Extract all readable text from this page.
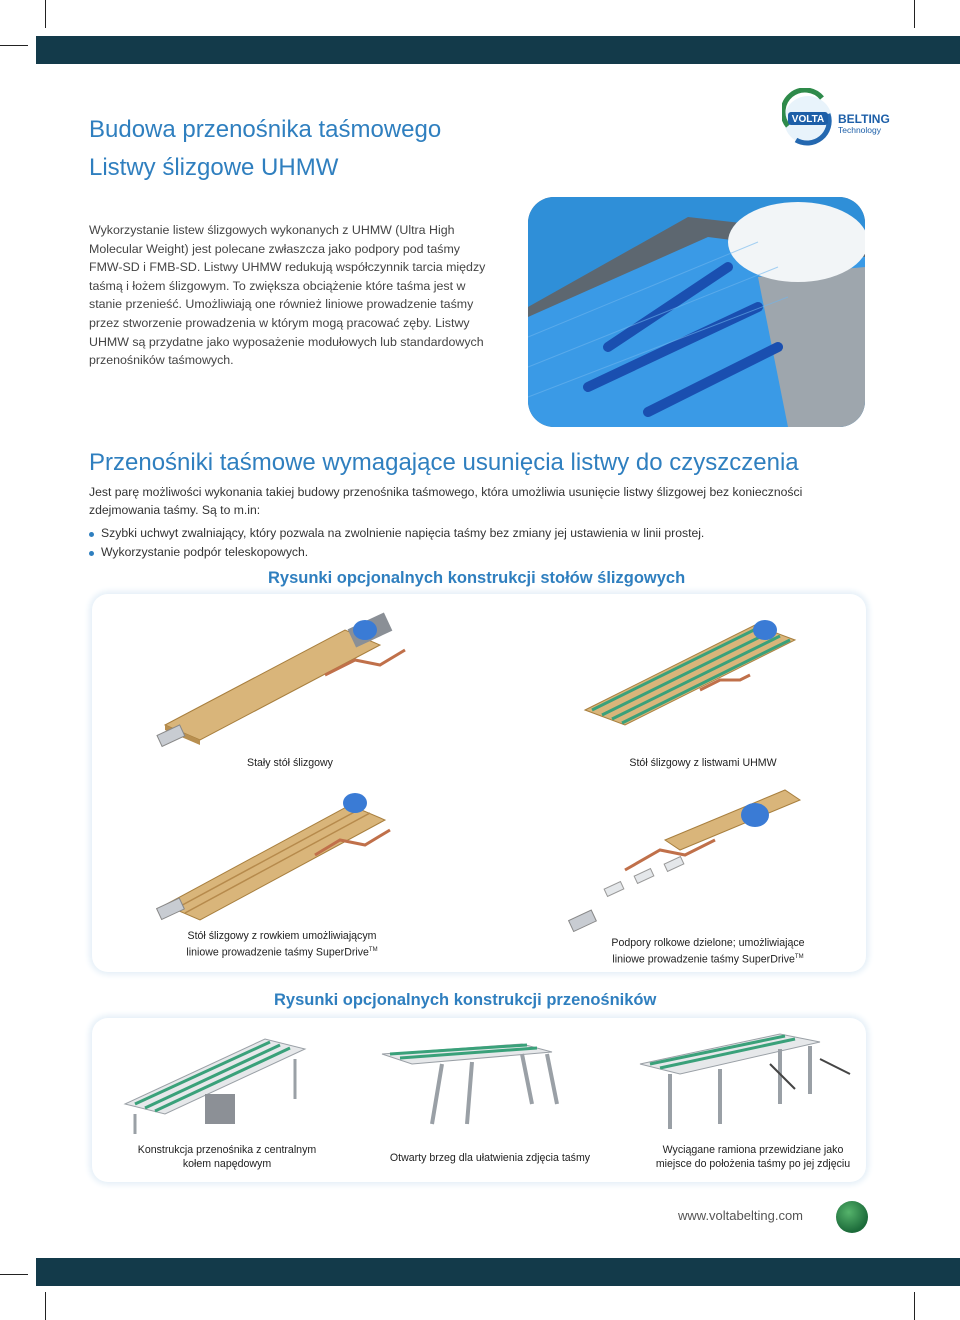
Budowa przenośnika taśmowego
Listwy ślizgowe UHMW
VOLTA BELTING
Technology

Wykorzystanie listew ślizgowych wykonanych z UHMW (Ultra High Molecular Weight) jest polecane zwłaszcza jako podpory pod taśmy FMW-SD i FMB-SD. Listwy UHMW redukują współczynnik tarcia między taśmą i łożem ślizgowym. To zwiększa obciążenie które taśma jest w stanie przenieść. Umożliwiają one również liniowe prowadzenie taśmy przez stworzenie prowadzenia w którym mogą pracować zęby. Listwy UHMW są przydatne jako wyposażenie modułowych lub standardowych przenośników taśmowych.

Przenośniki taśmowe wymagające usunięcia listwy do czyszczenia

Jest parę możliwości wykonania takiej budowy przenośnika taśmowego, która umożliwia usunięcie listwy ślizgowej bez konieczności zdejmowania taśmy. Są to m.in:

Szybki uchwyt zwalniający, który pozwala na zwolnienie napięcia taśmy bez zmiany jej ustawienia w linii prostej.
Wykorzystanie podpór teleskopowych.
Rysunki opcjonalnych konstrukcji stołów ślizgowych
Stały stół ślizgowy	Stół ślizgowy z listwami UHMW
Stół ślizgowy z rowkiem umożliwiającym
liniowe prowadzenie taśmy SuperDrive™
Podpory rolkowe dzielone; umożliwiające
liniowe prowadzenie taśmy SuperDrive™
Rysunki opcjonalnych konstrukcji przenośników
Konstrukcja przenośnika z centralnym
kołem napędowym	Otwarty brzeg dla ułatwienia zdjęcia taśmy
Wyciągane ramiona przewidziane jako
miejsce do położenia taśmy po jej zdjęciu
www.voltabelting.com
